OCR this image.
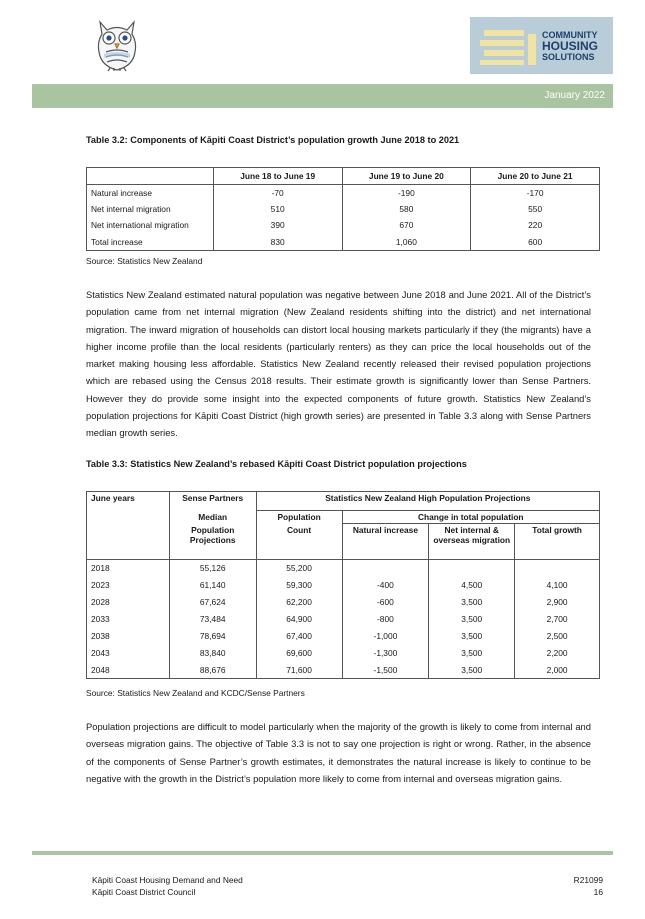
COMMUNITY
HOUSING
SOLUTIONS
January 2022
Table 3.2: Components of Kāpiti Coast District’s population growth June 2018 to 2021
	June 18 to June 19	June 19 to June 20	June 20 to June 21
Natural increase	-70	-190	-170
Net internal migration	510	580	550
Net international migration	390	670	220
Total increase	830	1,060	600
Source: Statistics New Zealand

Statistics New Zealand estimated natural population was negative between June 2018 and June 2021. All of the District’s population came from net internal migration (New Zealand residents shifting into the district) and net international migration. The inward migration of households can distort local housing markets particularly if they (the migrants) have a higher income profile than the local residents (particularly renters) as they can price the local households out of the market making housing less affordable. Statistics New Zealand recently released their revised population projections which are rebased using the Census 2018 results. Their estimate growth is significantly lower than Sense Partners. However they do provide some insight into the expected components of future growth. Statistics New Zealand’s population projections for Kāpiti Coast District (high growth series) are presented in Table 3.3 along with Sense Partners median growth series.

Table 3.3: Statistics New Zealand’s rebased Kāpiti Coast District population projections
June years	Sense Partners	Statistics New Zealand High Population Projections			
	Median	Population	Change in total population		
	Population Projections	Count	Natural increase	Net internal & overseas migration	Total growth
2018	55,126	55,200			
2023	61,140	59,300	-400	4,500	4,100
2028	67,624	62,200	-600	3,500	2,900
2033	73,484	64,900	-800	3,500	2,700
2038	78,694	67,400	-1,000	3,500	2,500
2043	83,840	69,600	-1,300	3,500	2,200
2048	88,676	71,600	-1,500	3,500	2,000
Source: Statistics New Zealand and KCDC/Sense Partners

Population projections are difficult to model particularly when the majority of the growth is likely to come from internal and overseas migration gains. The objective of Table 3.3 is not to say one projection is right or wrong. Rather, in the absence of the components of Sense Partner’s growth estimates, it demonstrates the natural increase is likely to continue to be negative with the growth in the District’s population more likely to come from internal and overseas migration gains.

Kāpiti Coast Housing Demand and Need
Kāpiti Coast District Council
R21099
16
